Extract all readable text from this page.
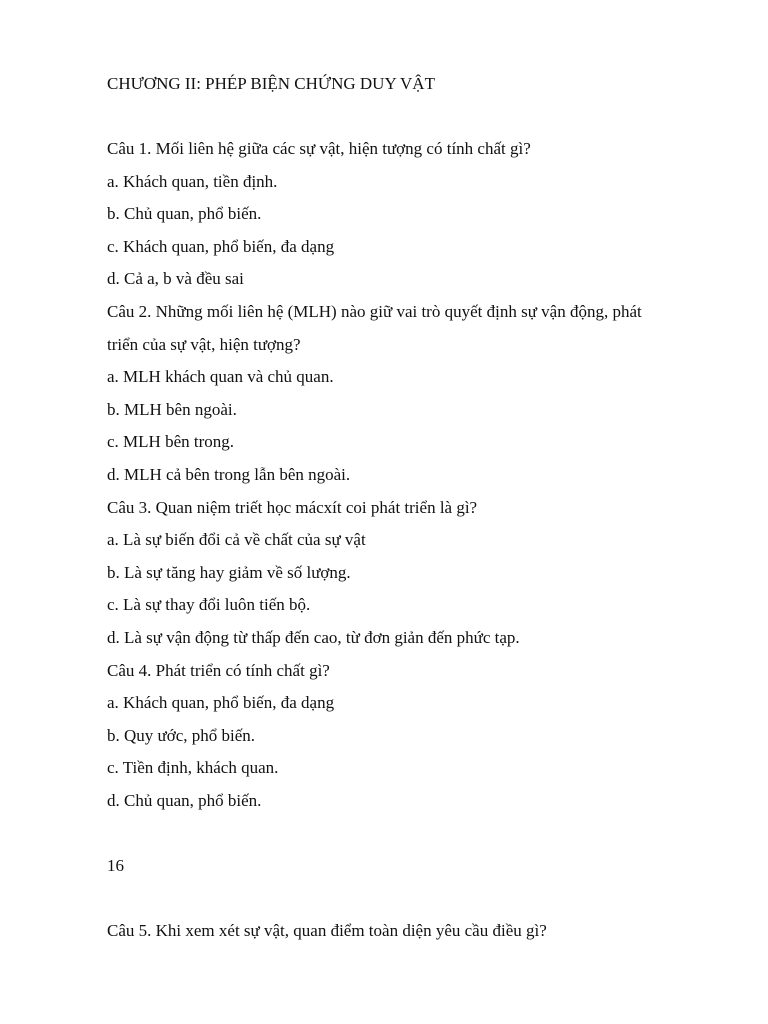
CHƯƠNG II: PHÉP BIỆN CHỨNG DUY VẬT
Câu 1. Mối liên hệ giữa các sự vật, hiện tượng có tính chất gì?
a. Khách quan, tiền định.
b. Chủ quan, phổ biến.
c. Khách quan, phổ biến, đa dạng
d. Cả a, b và đều sai
Câu 2. Những mối liên hệ (MLH) nào giữ vai trò quyết định sự vận động, phát
triển của sự vật, hiện tượng?
a. MLH khách quan và chủ quan.
b. MLH bên ngoài.
c. MLH bên trong.
d. MLH cả bên trong lẫn bên ngoài.
Câu 3. Quan niệm triết học mácxít coi phát triển là gì?
a. Là sự biến đổi cả về chất của sự vật
b. Là sự tăng hay giảm về số lượng.
c. Là sự thay đổi luôn tiến bộ.
d. Là sự vận động từ thấp đến cao, từ đơn giản đến phức tạp.
Câu 4. Phát triển có tính chất gì?
a. Khách quan, phổ biến, đa dạng
b. Quy ước, phổ biến.
c. Tiền định, khách quan.
d. Chủ quan, phổ biến.
16
Câu 5. Khi xem xét sự vật, quan điểm toàn diện yêu cầu điều gì?
